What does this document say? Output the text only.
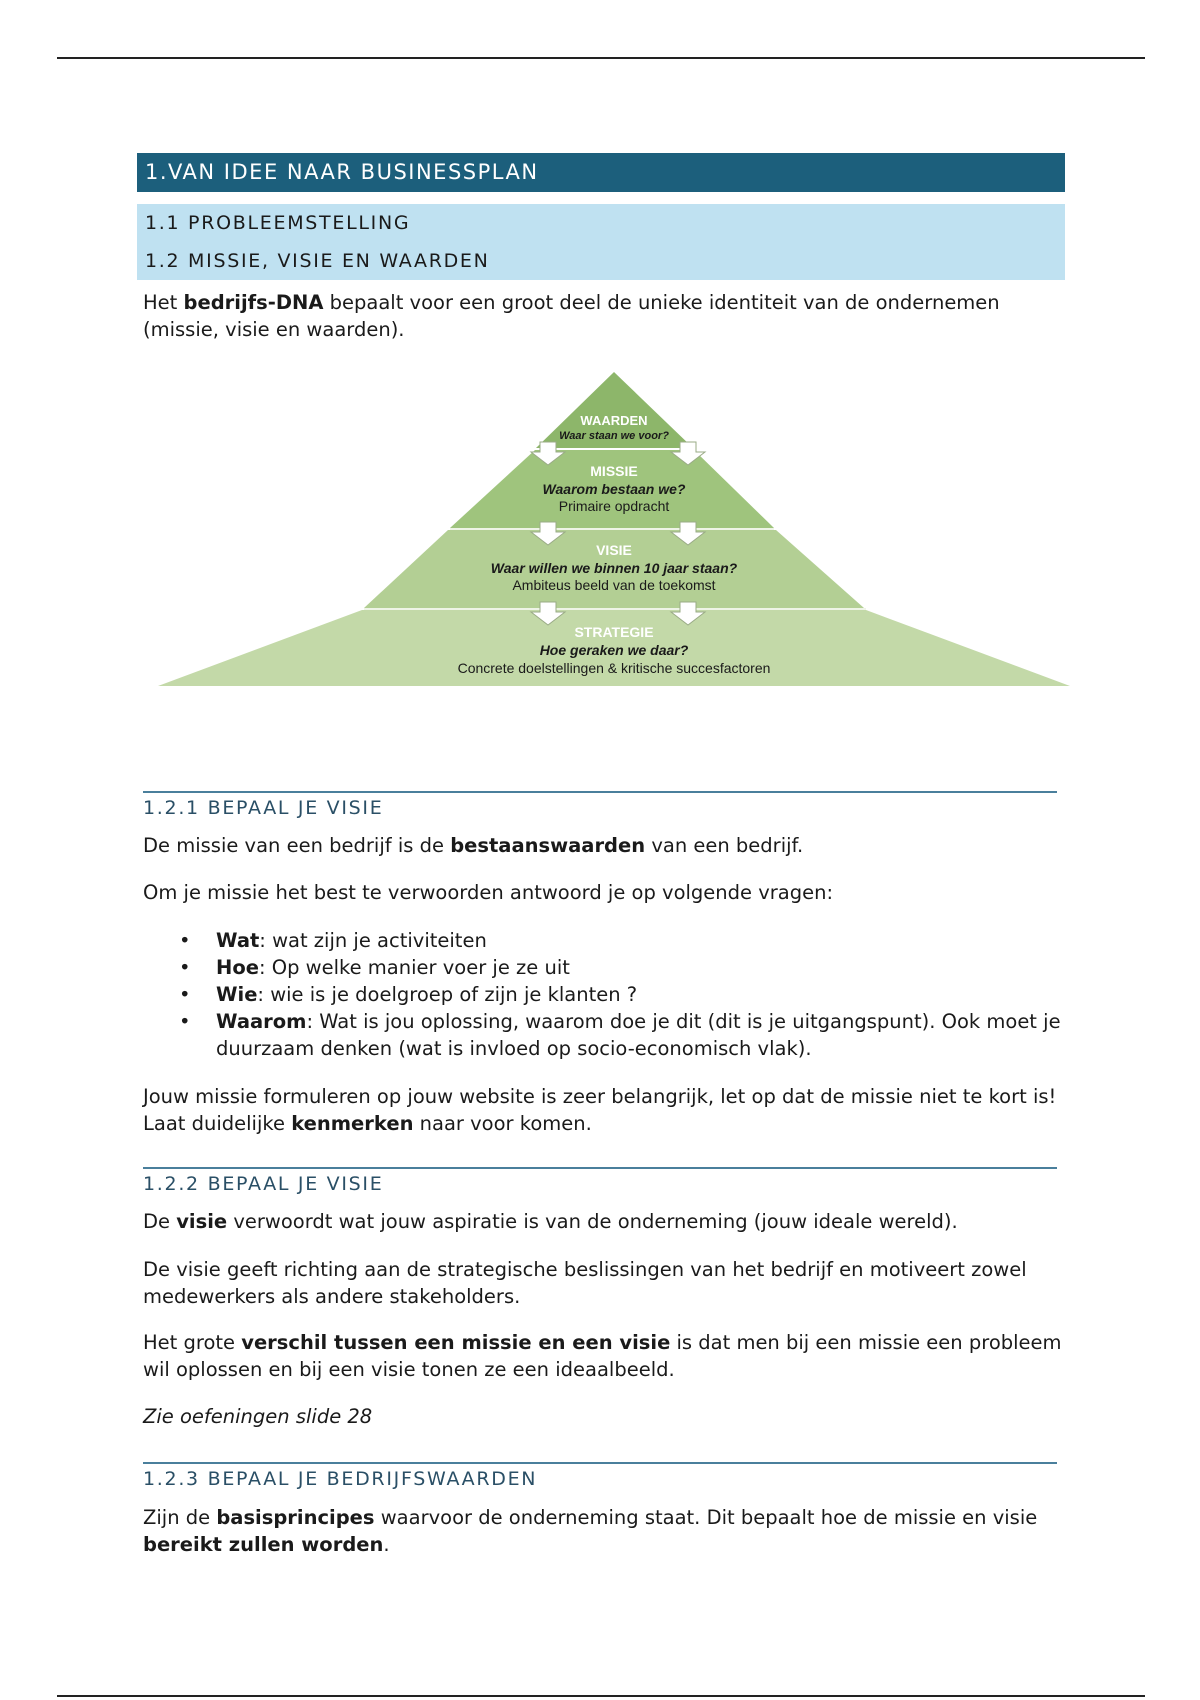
1.VAN IDEE NAAR BUSINESSPLAN
1.1 PROBLEEMSTELLING
1.2 MISSIE, VISIE EN WAARDEN

Het bedrijfs-DNA bepaalt voor een groot deel de unieke identiteit van de ondernemen (missie, visie en waarden).

WAARDEN
Waar staan we voor?
MISSIE
Waarom bestaan we?
Primaire opdracht
VISIE
Waar willen we binnen 10 jaar staan?
Ambiteus beeld van de toekomst
STRATEGIE
Hoe geraken we daar?
Concrete doelstellingen & kritische succesfactoren
1.2.1 BEPAAL JE VISIE

De missie van een bedrijf is de bestaanswaarden van een bedrijf.

Om je missie het best te verwoorden antwoord je op volgende vragen:

• Wat: wat zijn je activiteiten
• Hoe: Op welke manier voer je ze uit
• Wie: wie is je doelgroep of zijn je klanten ?
• Waarom: Wat is jou oplossing, waarom doe je dit (dit is je uitgangspunt). Ook moet je duurzaam denken (wat is invloed op socio-economisch vlak).

Jouw missie formuleren op jouw website is zeer belangrijk, let op dat de missie niet te kort is! Laat duidelijke kenmerken naar voor komen.

1.2.2 BEPAAL JE VISIE

De visie verwoordt wat jouw aspiratie is van de onderneming (jouw ideale wereld).

De visie geeft richting aan de strategische beslissingen van het bedrijf en motiveert zowel medewerkers als andere stakeholders.

Het grote verschil tussen een missie en een visie is dat men bij een missie een probleem wil oplossen en bij een visie tonen ze een ideaalbeeld.

Zie oefeningen slide 28

1.2.3 BEPAAL JE BEDRIJFSWAARDEN

Zijn de basisprincipes waarvoor de onderneming staat. Dit bepaalt hoe de missie en visie bereikt zullen worden.
